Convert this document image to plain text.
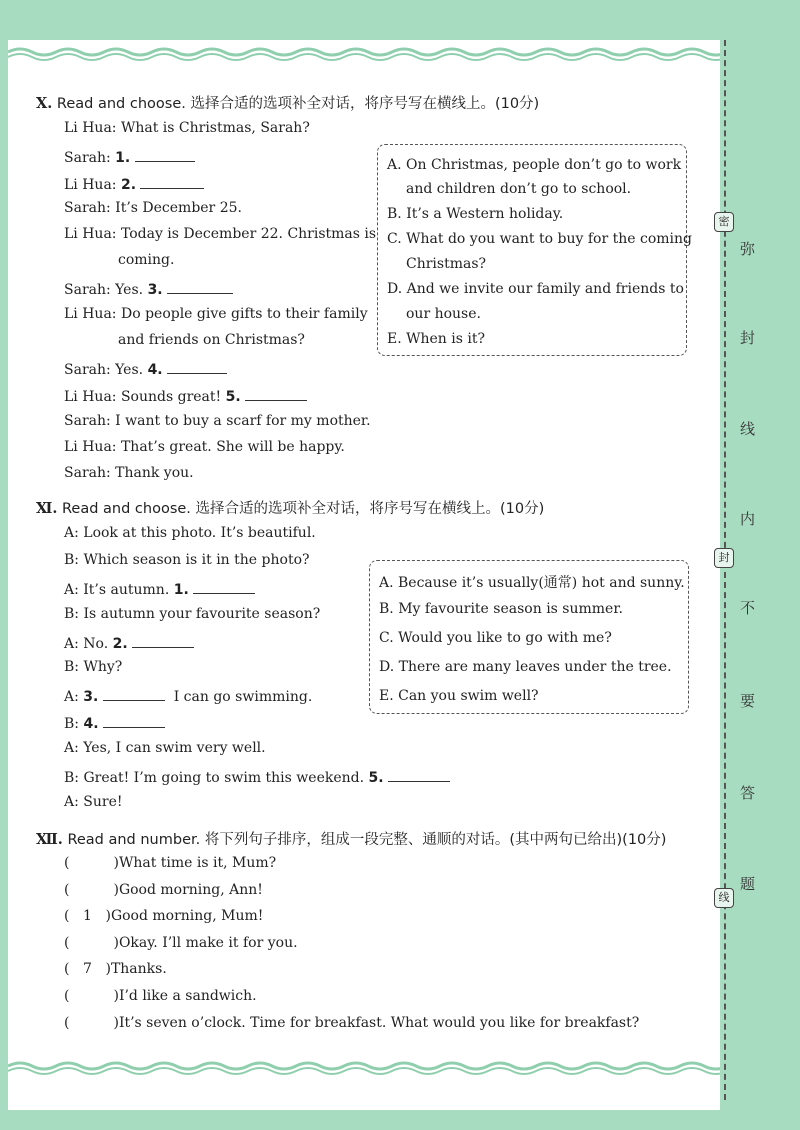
密
封
线
弥
封
线
内
不
要
答
题
Ⅹ. Read and choose. 选择合适的选项补全对话，将序号写在横线上。(10分)
Li Hua: What is Christmas, Sarah?
Sarah: 1.
Li Hua: 2.
Sarah: It’s December 25.
Li Hua: Today is December 22. Christmas is
coming.
Sarah: Yes. 3.
Li Hua: Do people give gifts to their family
and friends on Christmas?
Sarah: Yes. 4.
Li Hua: Sounds great! 5.
Sarah: I want to buy a scarf for my mother.
Li Hua: That’s great. She will be happy.
Sarah: Thank you.
A. On Christmas, people don’t go to work
and children don’t go to school.
B. It’s a Western holiday.
C. What do you want to buy for the coming
Christmas?
D. And we invite our family and friends to
our house.
E. When is it?
Ⅺ. Read and choose. 选择合适的选项补全对话，将序号写在横线上。(10分)
A: Look at this photo. It’s beautiful.
B: Which season is it in the photo?
A: It’s autumn. 1.
B: Is autumn your favourite season?
A: No. 2.
B: Why?
A: 3.	I can go swimming.
B: 4.
A: Yes, I can swim very well.
B: Great! I’m going to swim this weekend. 5.
A: Sure!
A. Because it’s usually(通常) hot and sunny.
B. My favourite season is summer.
C. Would you like to go with me?
D. There are many leaves under the tree.
E. Can you swim well?
Ⅻ. Read and number. 将下列句子排序，组成一段完整、通顺的对话。(其中两句已给出)(10分)
(	)What time is it, Mum?
(	)Good morning, Ann!
( 1 )Good morning, Mum!
(	)Okay. I’ll make it for you.
( 7 )Thanks.
(	)I’d like a sandwich.
(	)It’s seven o’clock. Time for breakfast. What would you like for breakfast?
